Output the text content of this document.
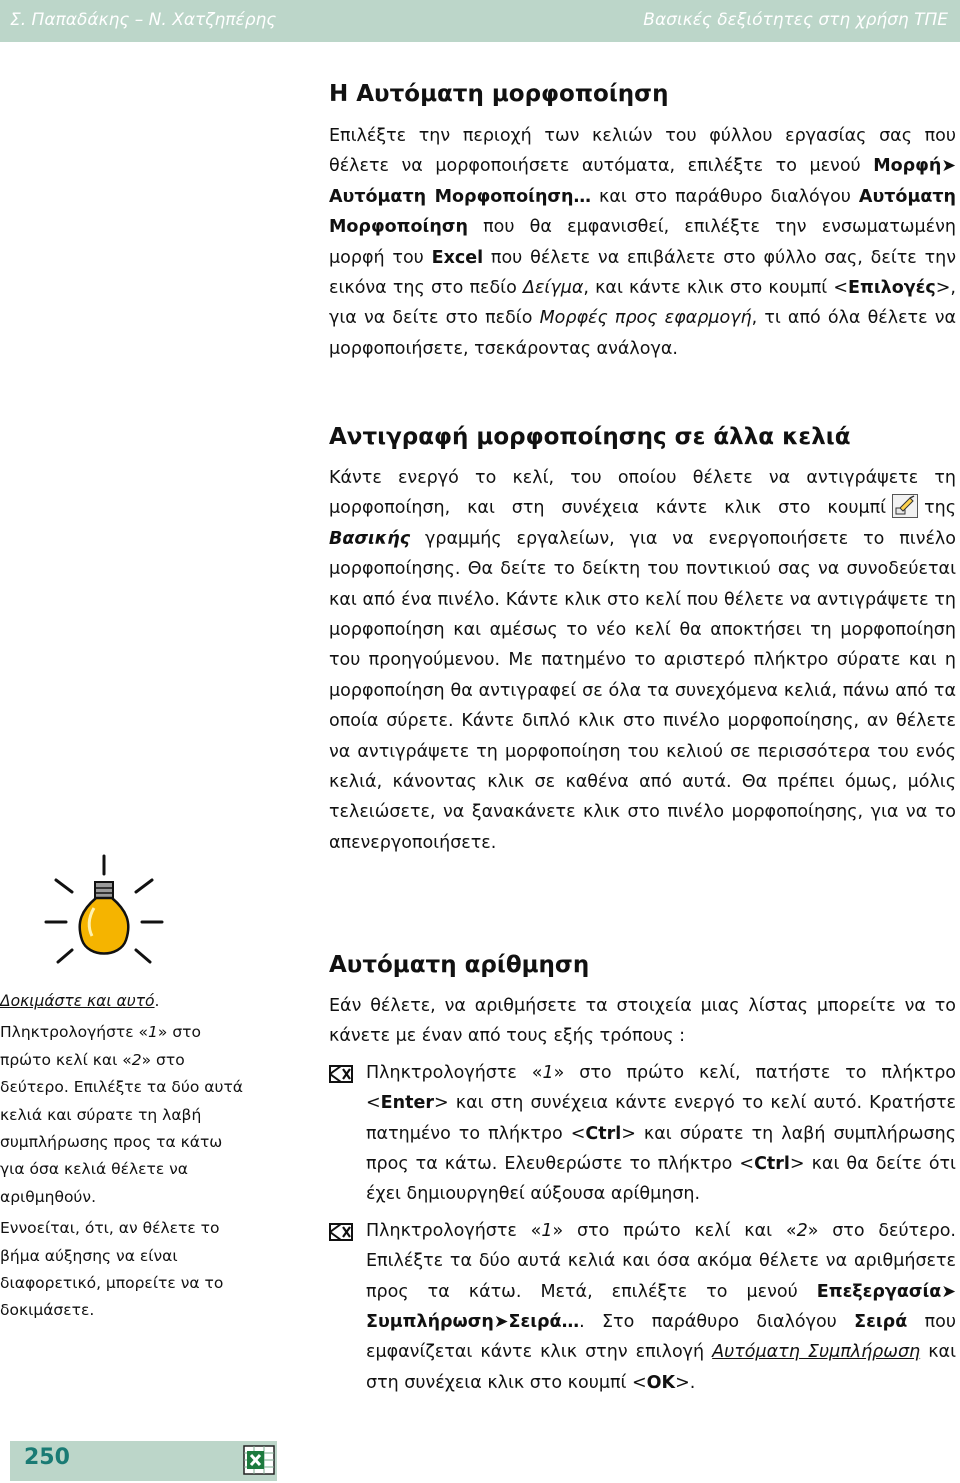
Σ. Παπαδάκης – Ν. Χατζηπέρης	Βασικές δεξιότητες στη χρήση ΤΠΕ
Η Αυτόματη μορφοποίηση

Επιλέξτε την περιοχή των κελιών του φύλλου εργασίας σας που θέλετε να μορφοποιήσετε αυτόματα, επιλέξτε το μενού Μορφή➤ Αυτόματη Μορφοποίηση… και στο παράθυρο διαλόγου Αυτόματη Μορφοποίηση που θα εμφανισθεί, επιλέξτε την ενσωματωμένη μορφή του Excel που θέλετε να επιβάλετε στο φύλλο σας, δείτε την εικόνα της στο πεδίο Δείγμα, και κάντε κλικ στο κουμπί <Επιλογές>, για να δείτε στο πεδίο Μορφές προς εφαρμογή, τι από όλα θέλετε να μορφοποιήσετε, τσεκάροντας ανάλογα.

Αντιγραφή μορφοποίησης σε άλλα κελιά

Κάντε ενεργό το κελί, του οποίου θέλετε να αντιγράψετε τη μορφοποίηση, και στη συνέχεια κάντε κλικ στο κουμπί της Βασικής γραμμής εργαλείων, για να ενεργοποιήσετε το πινέλο μορφοποίησης. Θα δείτε το δείκτη του ποντικιού σας να συνοδεύεται και από ένα πινέλο. Κάντε κλικ στο κελί που θέλετε να αντιγράψετε τη μορφοποίηση και αμέσως το νέο κελί θα αποκτήσει τη μορφοποίηση του προηγούμενου. Με πατημένο το αριστερό πλήκτρο σύρατε και η μορφοποίηση θα αντιγραφεί σε όλα τα συνεχόμενα κελιά, πάνω από τα οποία σύρετε. Κάντε διπλό κλικ στο πινέλο μορφοποίησης, αν θέλετε να αντιγράψετε τη μορφοποίηση του κελιού σε περισσότερα του ενός κελιά, κάνοντας κλικ σε καθένα από αυτά. Θα πρέπει όμως, μόλις τελειώσετε, να ξανακάνετε κλικ στο πινέλο μορφοποίησης, για να το απενεργοποιήσετε.

Δοκιμάστε και αυτό.

Πληκτρολογήστε «1» στο πρώτο κελί και «2» στο δεύτερο. Επιλέξτε τα δύο αυτά κελιά και σύρατε τη λαβή συμπλήρωσης προς τα κάτω για όσα κελιά θέλετε να αριθμηθούν.

Εννοείται, ότι, αν θέλετε το βήμα αύξησης να είναι διαφορετικό, μπορείτε να το δοκιμάσετε.

Αυτόματη αρίθμηση

Εάν θέλετε, να αριθμήσετε τα στοιχεία μιας λίστας μπορείτε να το κάνετε με έναν από τους εξής τρόπους :

Πληκτρολογήστε «1» στο πρώτο κελί, πατήστε το πλήκτρο <Enter> και στη συνέχεια κάντε ενεργό το κελί αυτό. Κρατήστε πατημένο το πλήκτρο <Ctrl> και σύρατε τη λαβή συμπλήρωσης προς τα κάτω. Ελευθερώστε το πλήκτρο <Ctrl> και θα δείτε ότι έχει δημιουργηθεί αύξουσα αρίθμηση.
Πληκτρολογήστε «1» στο πρώτο κελί και «2» στο δεύτερο. Επιλέξτε τα δύο αυτά κελιά και όσα ακόμα θέλετε να αριθμήσετε προς τα κάτω. Μετά, επιλέξτε το μενού Επεξεργασία➤ Συμπλήρωση➤Σειρά…. Στο παράθυρο διαλόγου Σειρά που εμφανίζεται κάντε κλικ στην επιλογή Αυτόματη Συμπλήρωση και στη συνέχεια κλικ στο κουμπί <OK>.
250
